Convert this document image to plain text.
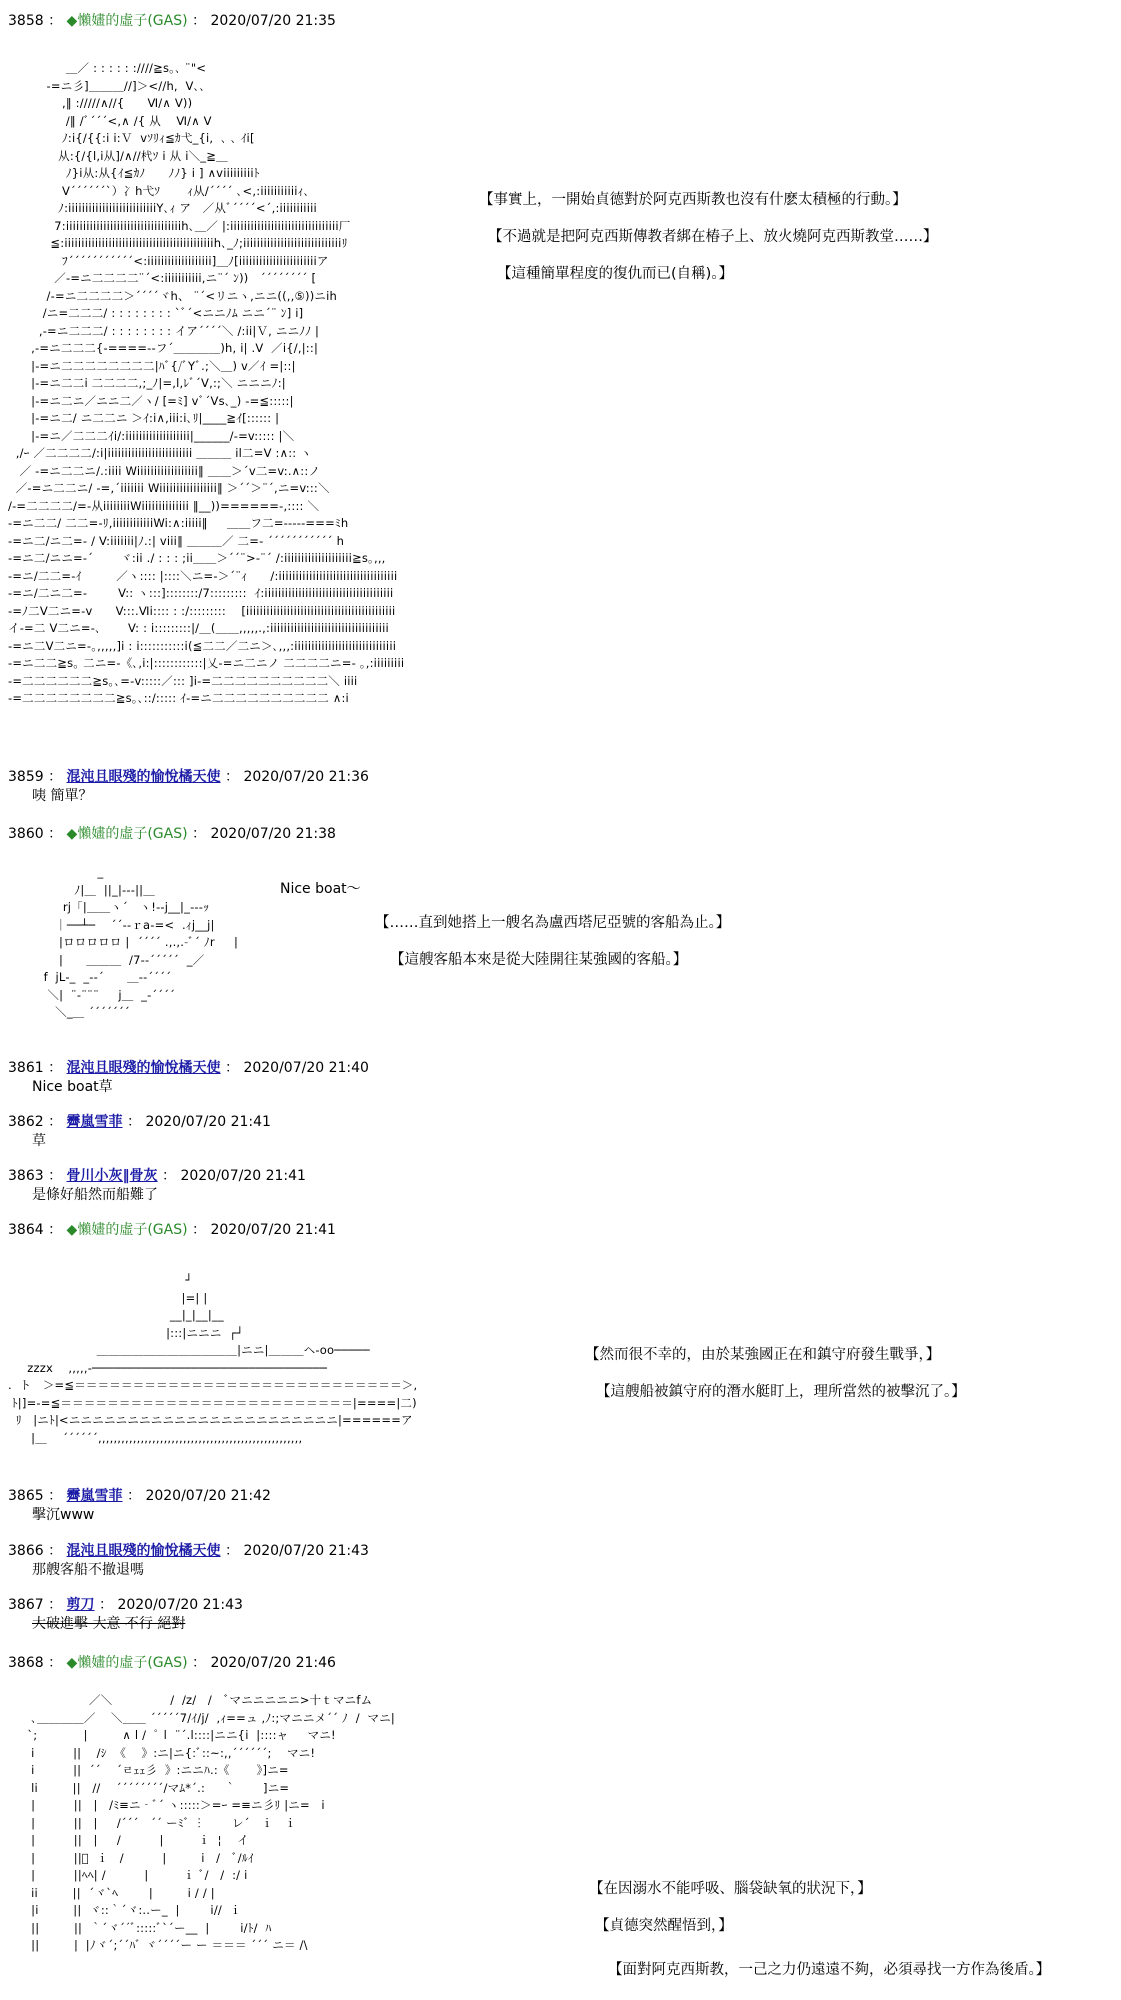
3858 ： ◆懶嫿的虛子(GAS) ： 2020/07/20 21:35
＿／ : : : : : :////≧s｡､ ¨"<
-=ニ彡]＿＿＿//]＞<//h,  V､､
,‖ ://///∧//{      Ⅵ/∧ V))
/‖ /ﾞ´´´<,∧ /{ 从    Ⅵ/∧ V
ﾉ:i{/{{:i i:Ｖ  vｿﾘｨ≦ｶ弋_{i,  ､ ､ ｲi[
从:{/{l,i从]/∧//杙ｿ i 从 i＼_≧＿
ﾉ}i从:从{ｲ≦ｶﾉ      ﾉﾉ} i ] ∧viiiiiiiiiﾄ
V´´´´´´`）冫h弋ｿ       ｨ从/´´´´ ､<,:iiiiiiiiiiiｨ､
ﾉ:iiiiiiiiiiiiiiiiiiiiiiiiiiY､ｨ ア   ／从ﾞ´´´´<´,:iiiiiiiiiii
7:iiiiiiiiiiiiiiiiiiiiiiiiiiiiiiiiiih､＿／ |:iiiiiiiiiiiiiiiiiiiiiiiiiiiiiiii厂
≦:iiiiiiiiiiiiiiiiiiiiiiiiiiiiiiiiiiiiiiiiiiiih､_ﾉ;iiiiiiiiiiiiiiiiiiiiiiiiiiiiiﾘ
ﾌ´´´´´´´´´´´<:iiiiiiiiiiiiiiiiiii]＿ﾉ[iiiiiiiiiiiiiiiiiiiiiiiア
／-=ニ二二二二¨´<:iiiiiiiiiii,ニ¨´ ﾝ))   ´´´´´´´´ [
/-=ニ二二二二＞´´´´ヾh、 ¨´<リニヽ,ニニ((,,⑤))ニih
/ニ=二二二/ : : : : : : : : `ﾞ´<ニニﾉﾑ ニニ´¨ ﾝ] i]
,-=ニ二二二/ : : : : : : : : イア´´´´＼ /:ii|Ｖ, ニニﾉﾉ |
,-=ニ二二二{-====--フ´＿＿＿＿)h, i| .V  ／i{/,|::|
|-=ニ二二二二二二二二|ﾊﾞ{/ﾞYﾞ.;＼＿) v／ｲ =|::|
|-=ニ二二i 二二二二,;_ﾉ|=,l,ﾚﾞ´V,:;＼ ニニニﾉ:|
|-=ニ二ニ／ニニ二／ヽ/ [=ﾐ] vﾞ´Vs､_) -=≦:::::|
|-=ニ二/ ニ二二ニ ＞ｲ:i∧,iii:i､ﾘ|____≧ｲ[:::::: |
|-=ニ／二二二ｲi/:iiiiiiiiiiiiiiiiiii|______/-=v::::: |＼
,/ｰ ／二二二二/:i|iiiiiiiiiiiiiiiiiiiiiiiii ＿＿＿ il二=V :∧:: ヽ
／ -=ニ二二ニ/.:iiii Wiiiiiiiiiiiiiiiiii‖ ＿＿＞´v二=v:.∧::ノ
／-=ニ二二ニ/ -=,´iiiiiii Wiiiiiiiiiiiiiiiii‖ ＞´´＞¨´,ニ=v:::＼
/-=二二二二/=-从iiiiiiiiWiiiiiiiiiiiiii ‖__))======-,:::: ＼
-=ニ二二/ 二二=-ﾘ,iiiiiiiiiiiiWi:∧:iiiii‖     ＿＿フ二=-----===ﾐh
-=ニ二/ニ二=- / V:iiiiiii|ﾉ.:| viii‖ ＿＿＿／ 二=- ´´´´´´´´´´´ h
-=ニ二/ニニ=-´       ヾ:ii ./ : : : ;ii＿＿＞´´¨>-¨´ /:iiiiiiiiiiiiiiiiiiii≧s｡,,,
-=ニ/二二=-ｲ         ／ヽ:::: |::::＼ニ=-＞´¨ｨ      /:iiiiiiiiiiiiiiiiiiiiiiiiiiiiiiiiiii
-=ニ/二ニ二=-        V:: ヽ:::]::::::::/7:::::::::  ｲ:iiiiiiiiiiiiiiiiiiiiiiiiiiiiiiiiiiiiii
-=ﾉ二V二ニ=-v      V:::.Ⅵi:::: : :/:::::::::    [iiiiiiiiiiiiiiiiiiiiiiiiiiiiiiiiiiiiiiiiiiii
イ-=二 V二ニ=-､       V: : i:::::::::|/＿(＿＿,,,,,.,:iiiiiiiiiiiiiiiiiiiiiiiiiiiiiiiiiii
-=ニ二V二ニ=-｡,,,,,]i : i:::::::::::i(≦二二／二ニ＞､,,,:iiiiiiiiiiiiiiiiiiiiiiiiiiiiii
-=ニ二二≧s｡ 二ニ=-《､,i:|::::::::::::|乂-=ニ二ニノ 二二二二ニ=- ｡,:iiiiiiiii
-=二二二二二二≧s｡､=-v:::::／::: ]i-=二二二二二二二二二二＼ iiii
-=二二二二二二二二≧s｡､::/::::: ｲ-=ニ二二二二二二二二二二 ∧:i
【事實上，一開始貞德對於阿克西斯教也沒有什麽太積極的行動。】
【不過就是把阿克西斯傳教者綁在椿子上、放火燒阿克西斯教堂……】
【這種簡單程度的復仇而已(自稱)。】
3859 ： 混沌且眼殘的愉悅橘天使 ： 2020/07/20 21:36
咦 簡單？
3860 ： ◆懶嫿的虛子(GAS) ： 2020/07/20 21:38
_
ﾉ|＿  ||_|---||＿
rj「|＿＿ヽ´   ヽ!--j__|_---ｯ
｜──┴─    ´´--ｒa-=<  .ｨj__j|
|ロロロロロ |  ´´´´ .,.,.-ﾞ´ ﾉr     |
|      ＿＿＿  /7--´´´´´  _／
f  jL-_  _--´      ＿--´´´´
＼|  ¨-¨¨¨     j＿  _-´´´´
＼_＿ ´´´´´´´
Nice boat～
【……直到她搭上一艘名為盧西塔尼亞號的客船為止。】
【這艘客船本來是從大陸開往某強國的客船。】
3861 ： 混沌且眼殘的愉悅橘天使 ： 2020/07/20 21:40
Nice boat草
3862 ： 霽嵐雪菲 ： 2020/07/20 21:41
草
3863 ： 骨川小灰‖骨灰 ： 2020/07/20 21:41
是條好船然而船難了
3864 ： ◆懶嫿的虛子(GAS) ： 2020/07/20 21:41
┘
|=| |
__|_|__|__
|:::|ニニニ  ┌┘
＿＿＿＿＿＿＿＿＿＿＿＿|ニニ|＿＿＿ヘ-oo─────
zzzx    ,,,,,-─────────────────────────────────
.  ト   ＞=≦＝＝＝＝＝＝＝＝＝＝＝＝＝＝＝＝＝＝＝＝＝＝＝＝＝＝＝＝＞,
ﾄ|]=-=≦＝＝＝＝＝＝＝＝＝＝＝＝＝＝＝＝＝＝＝＝＝＝＝＝＝|====|二)
ﾘ   |ニﾄ|<ニニニニニニニニニニニニニニニニニニニニニニニ|======ア
|＿    ´´´´´´,,,,,,,,,,,,,,,,,,,,,,,,,,,,,,,,,,,,,,,,,,,,,,,,,,,,,
【然而很不幸的，由於某強國正在和鎮守府發生戰爭，】
【這艘船被鎮守府的潛水艇盯上，理所當然的被擊沉了。】
3865 ： 霽嵐雪菲 ： 2020/07/20 21:42
擊沉www
3866 ： 混沌且眼殘的愉悅橘天使 ： 2020/07/20 21:43
那艘客船不撤退嗎
3867 ： 剪刀 ： 2020/07/20 21:43
大破進擊 大意 不行 絕對
3868 ： ◆懶嫿的虛子(GAS) ： 2020/07/20 21:46
／＼               /  /z/   /   ﾞマニニニニニ>十ｔマニfム
､＿＿＿＿／    ＼＿＿ ´´´´´7/ｲ/j/  ,ｨ==ュ ,ﾉ:;マニニメ´´ ﾉ  /  マニ|
`;            |         ∧ l /  ﾟ l  ¨´.l::::|ニニ{i  |::::ャ     マニ!
i          ||    /ｼ  《    》:ニ|ニ{:ﾞ::~:,,´´´´´´;    マニ!
i          ||  ´´    ´ㄹｪｪ彡  》:ニニﾊ.:《       》]ニ=
li         ||   //    ´´´´´´´´/マﾑ*´.:     ｀       ]ニ=
|          ||   |   /ﾐ≡ニ‐ﾞ´ ヽ:::::＞=ｰ =≡ニ彡ﾘ |ニ=   i
|          ||   |     /´´´   ´´ ーﾐﾞ ︙       レ´   ｉ   ｉ
|          ||   |     /          |         ｉ  ¦    イ
|          ||ﾞ  ｉ   /          |         i   /   ﾞ/ﾙｲ
|          ||ﾍﾍ| /          |         ｉ ﾞ/   /  :/ i
ii         ||  ´ヾ`ﾍ        |         i / / |
|i         ||  ヾ::｀´ヾ:..ー_  |        i//  ｉ
||         ||  ｀´ヾ´´ﾞ:::::ﾞ`´ー__  |        i/ﾄ/  ﾊ
||         |  |ﾉヾ´;´´ﾊﾞ ヾ´´´´ー ー ＝＝＝ ´´´ ニ＝ /\
【在因溺水不能呼吸、腦袋缺氧的狀況下，】
【貞德突然醒悟到，】
【面對阿克西斯教，一己之力仍遠遠不夠，必須尋找一方作為後盾。】
